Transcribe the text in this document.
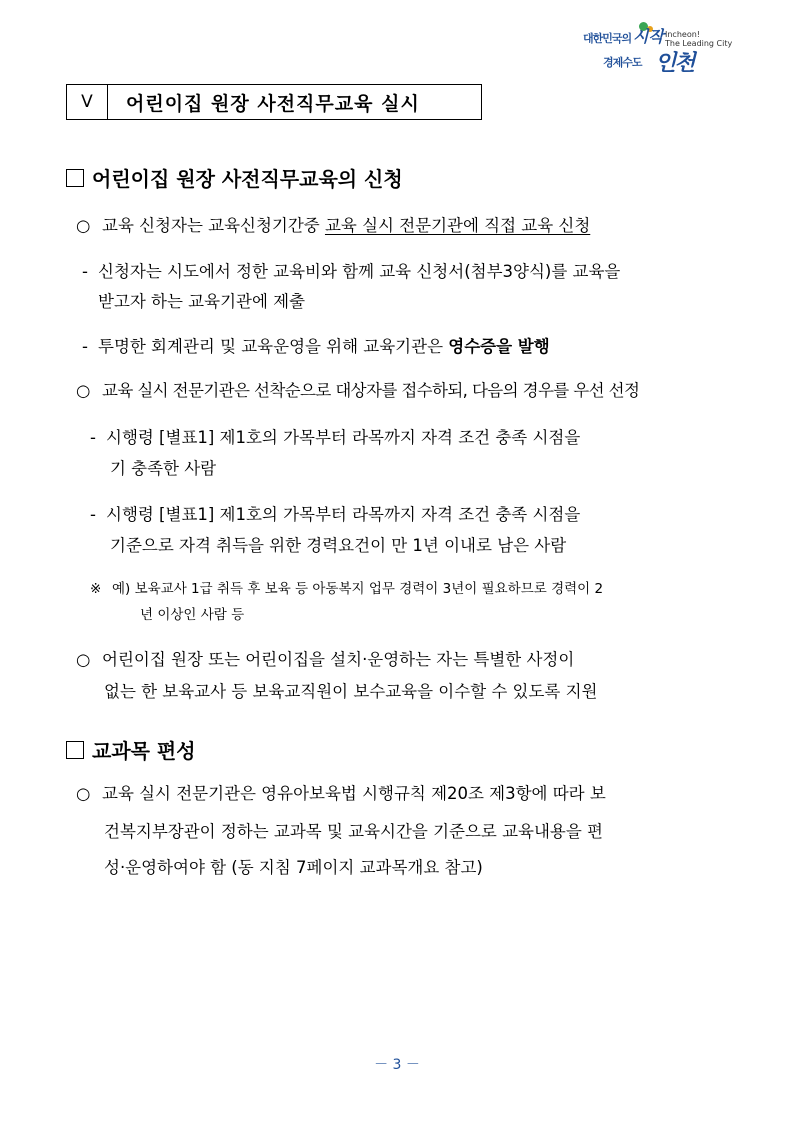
대한민국의 시작 Incheon!
The Leading City
경제수도 인천
Ⅴ	어린이집 원장 사전직무교육 실시
어린이집 원장 사전직무교육의 신청
○ 교육 신청자는 교육신청기간중 교육 실시 전문기관에 직접 교육 신청
- 신청자는 시도에서 정한 교육비와 함께 교육 신청서(첨부3양식)를 교육을
받고자 하는 교육기관에 제출
- 투명한 회계관리 및 교육운영을 위해 교육기관은 영수증을 발행
○ 교육 실시 전문기관은 선착순으로 대상자를 접수하되, 다음의 경우를 우선 선정
- 시행령 [별표1] 제1호의 가목부터 라목까지 자격 조건 충족 시점을
기 충족한 사람
- 시행령 [별표1] 제1호의 가목부터 라목까지 자격 조건 충족 시점을
기준으로 자격 취득을 위한 경력요건이 만 1년 이내로 남은 사람
※ 예) 보육교사 1급 취득 후 보육 등 아동복지 업무 경력이 3년이 필요하므로 경력이 2
년 이상인 사람 등
○ 어린이집 원장 또는 어린이집을 설치·운영하는 자는 특별한 사정이
없는 한 보육교사 등 보육교직원이 보수교육을 이수할 수 있도록 지원
교과목 편성
○ 교육 실시 전문기관은 영유아보육법 시행규칙 제20조 제3항에 따라 보
건복지부장관이 정하는 교과목 및 교육시간을 기준으로 교육내용을 편
성·운영하여야 함 (동 지침 7페이지 교과목개요 참고)
－ 3 －
